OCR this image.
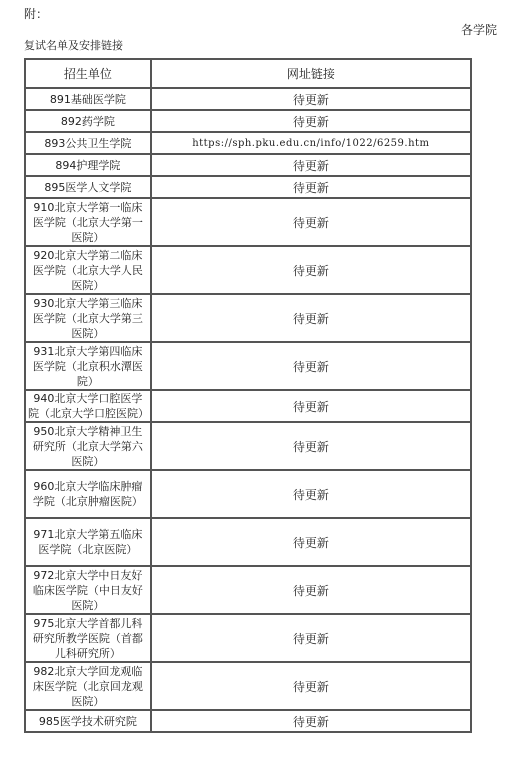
附：
各学院
复试名单及安排链接
招生单位	网址链接
891基础医学院	待更新
892药学院	待更新
893公共卫生学院	https://sph.pku.edu.cn/info/1022/6259.htm
894护理学院	待更新
895医学人文学院	待更新
910北京大学第一临床医学院（北京大学第一医院）	待更新
920北京大学第二临床医学院（北京大学人民医院）	待更新
930北京大学第三临床医学院（北京大学第三医院）	待更新
931北京大学第四临床医学院（北京积水潭医院）	待更新
940北京大学口腔医学院（北京大学口腔医院）	待更新
950北京大学精神卫生研究所（北京大学第六医院）	待更新
960北京大学临床肿瘤学院（北京肿瘤医院）	待更新
971北京大学第五临床医学院（北京医院）	待更新
972北京大学中日友好临床医学院（中日友好医院）	待更新
975北京大学首都儿科研究所教学医院（首都儿科研究所）	待更新
982北京大学回龙观临床医学院（北京回龙观医院）	待更新
985医学技术研究院	待更新
